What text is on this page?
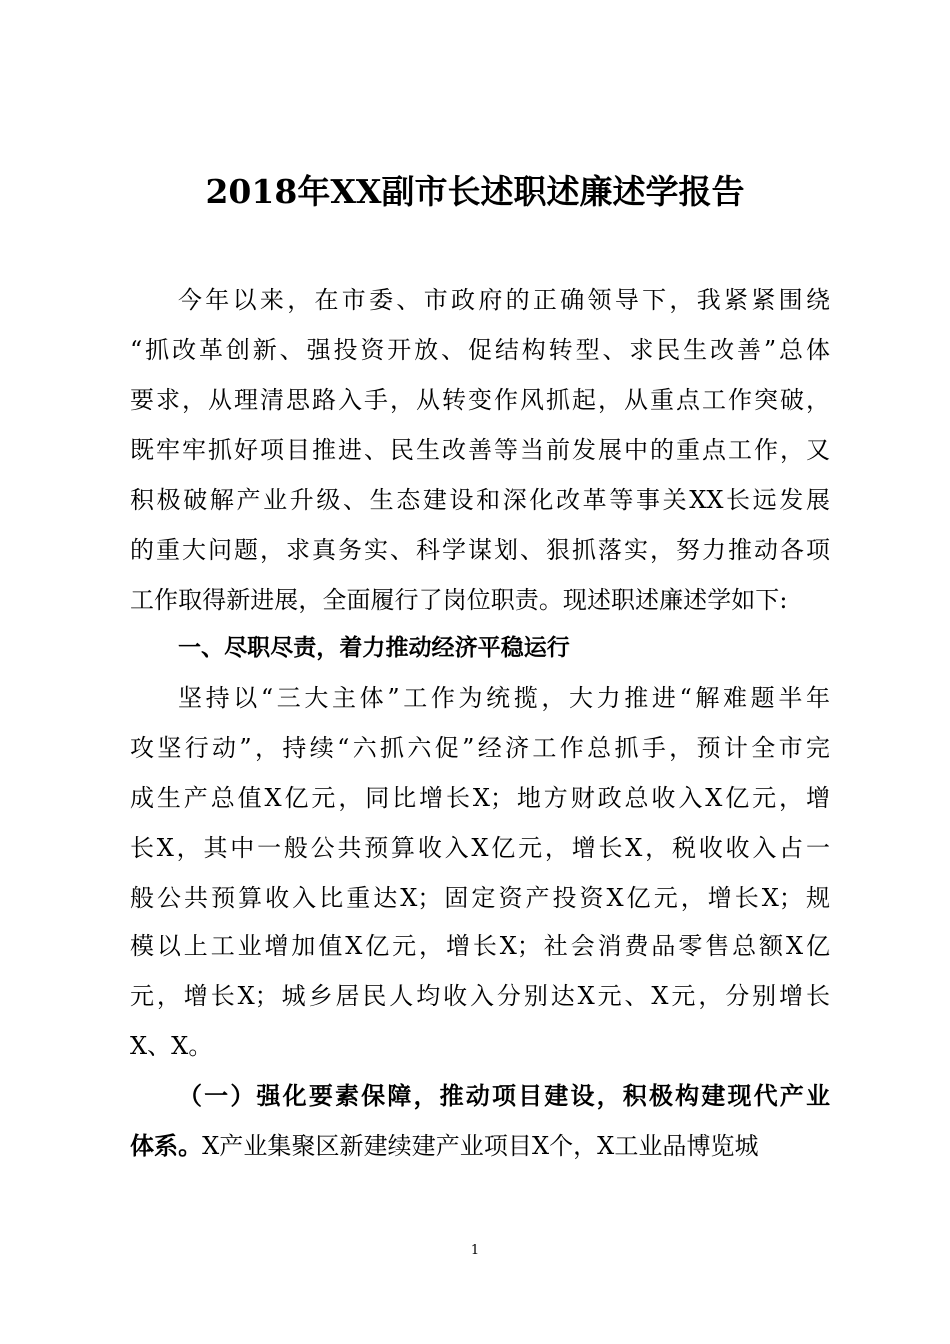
2018年XX副市长述职述廉述学报告
今年以来，在市委、市政府的正确领导下，我紧紧围绕
“抓改革创新、强投资开放、促结构转型、求民生改善”总体
要求，从理清思路入手，从转变作风抓起，从重点工作突破，
既牢牢抓好项目推进、民生改善等当前发展中的重点工作，又
积极破解产业升级、生态建设和深化改革等事关XX长远发展
的重大问题，求真务实、科学谋划、狠抓落实，努力推动各项
工作取得新进展，全面履行了岗位职责。现述职述廉述学如下:
一、尽职尽责，着力推动经济平稳运行
坚持以“三大主体”工作为统揽，大力推进“解难题半年
攻坚行动”，持续“六抓六促”经济工作总抓手，预计全市完
成生产总值X亿元，同比增长X；地方财政总收入X亿元，增
长X，其中一般公共预算收入X亿元，增长X，税收收入占一
般公共预算收入比重达X；固定资产投资X亿元，增长X；规
模以上工业增加值X亿元，增长X；社会消费品零售总额X亿
元，增长X；城乡居民人均收入分别达X元、X元，分别增长
X、X。
（一）强化要素保障，推动项目建设，积极构建现代产业
体系。X产业集聚区新建续建产业项目X个，X工业品博览城
1
